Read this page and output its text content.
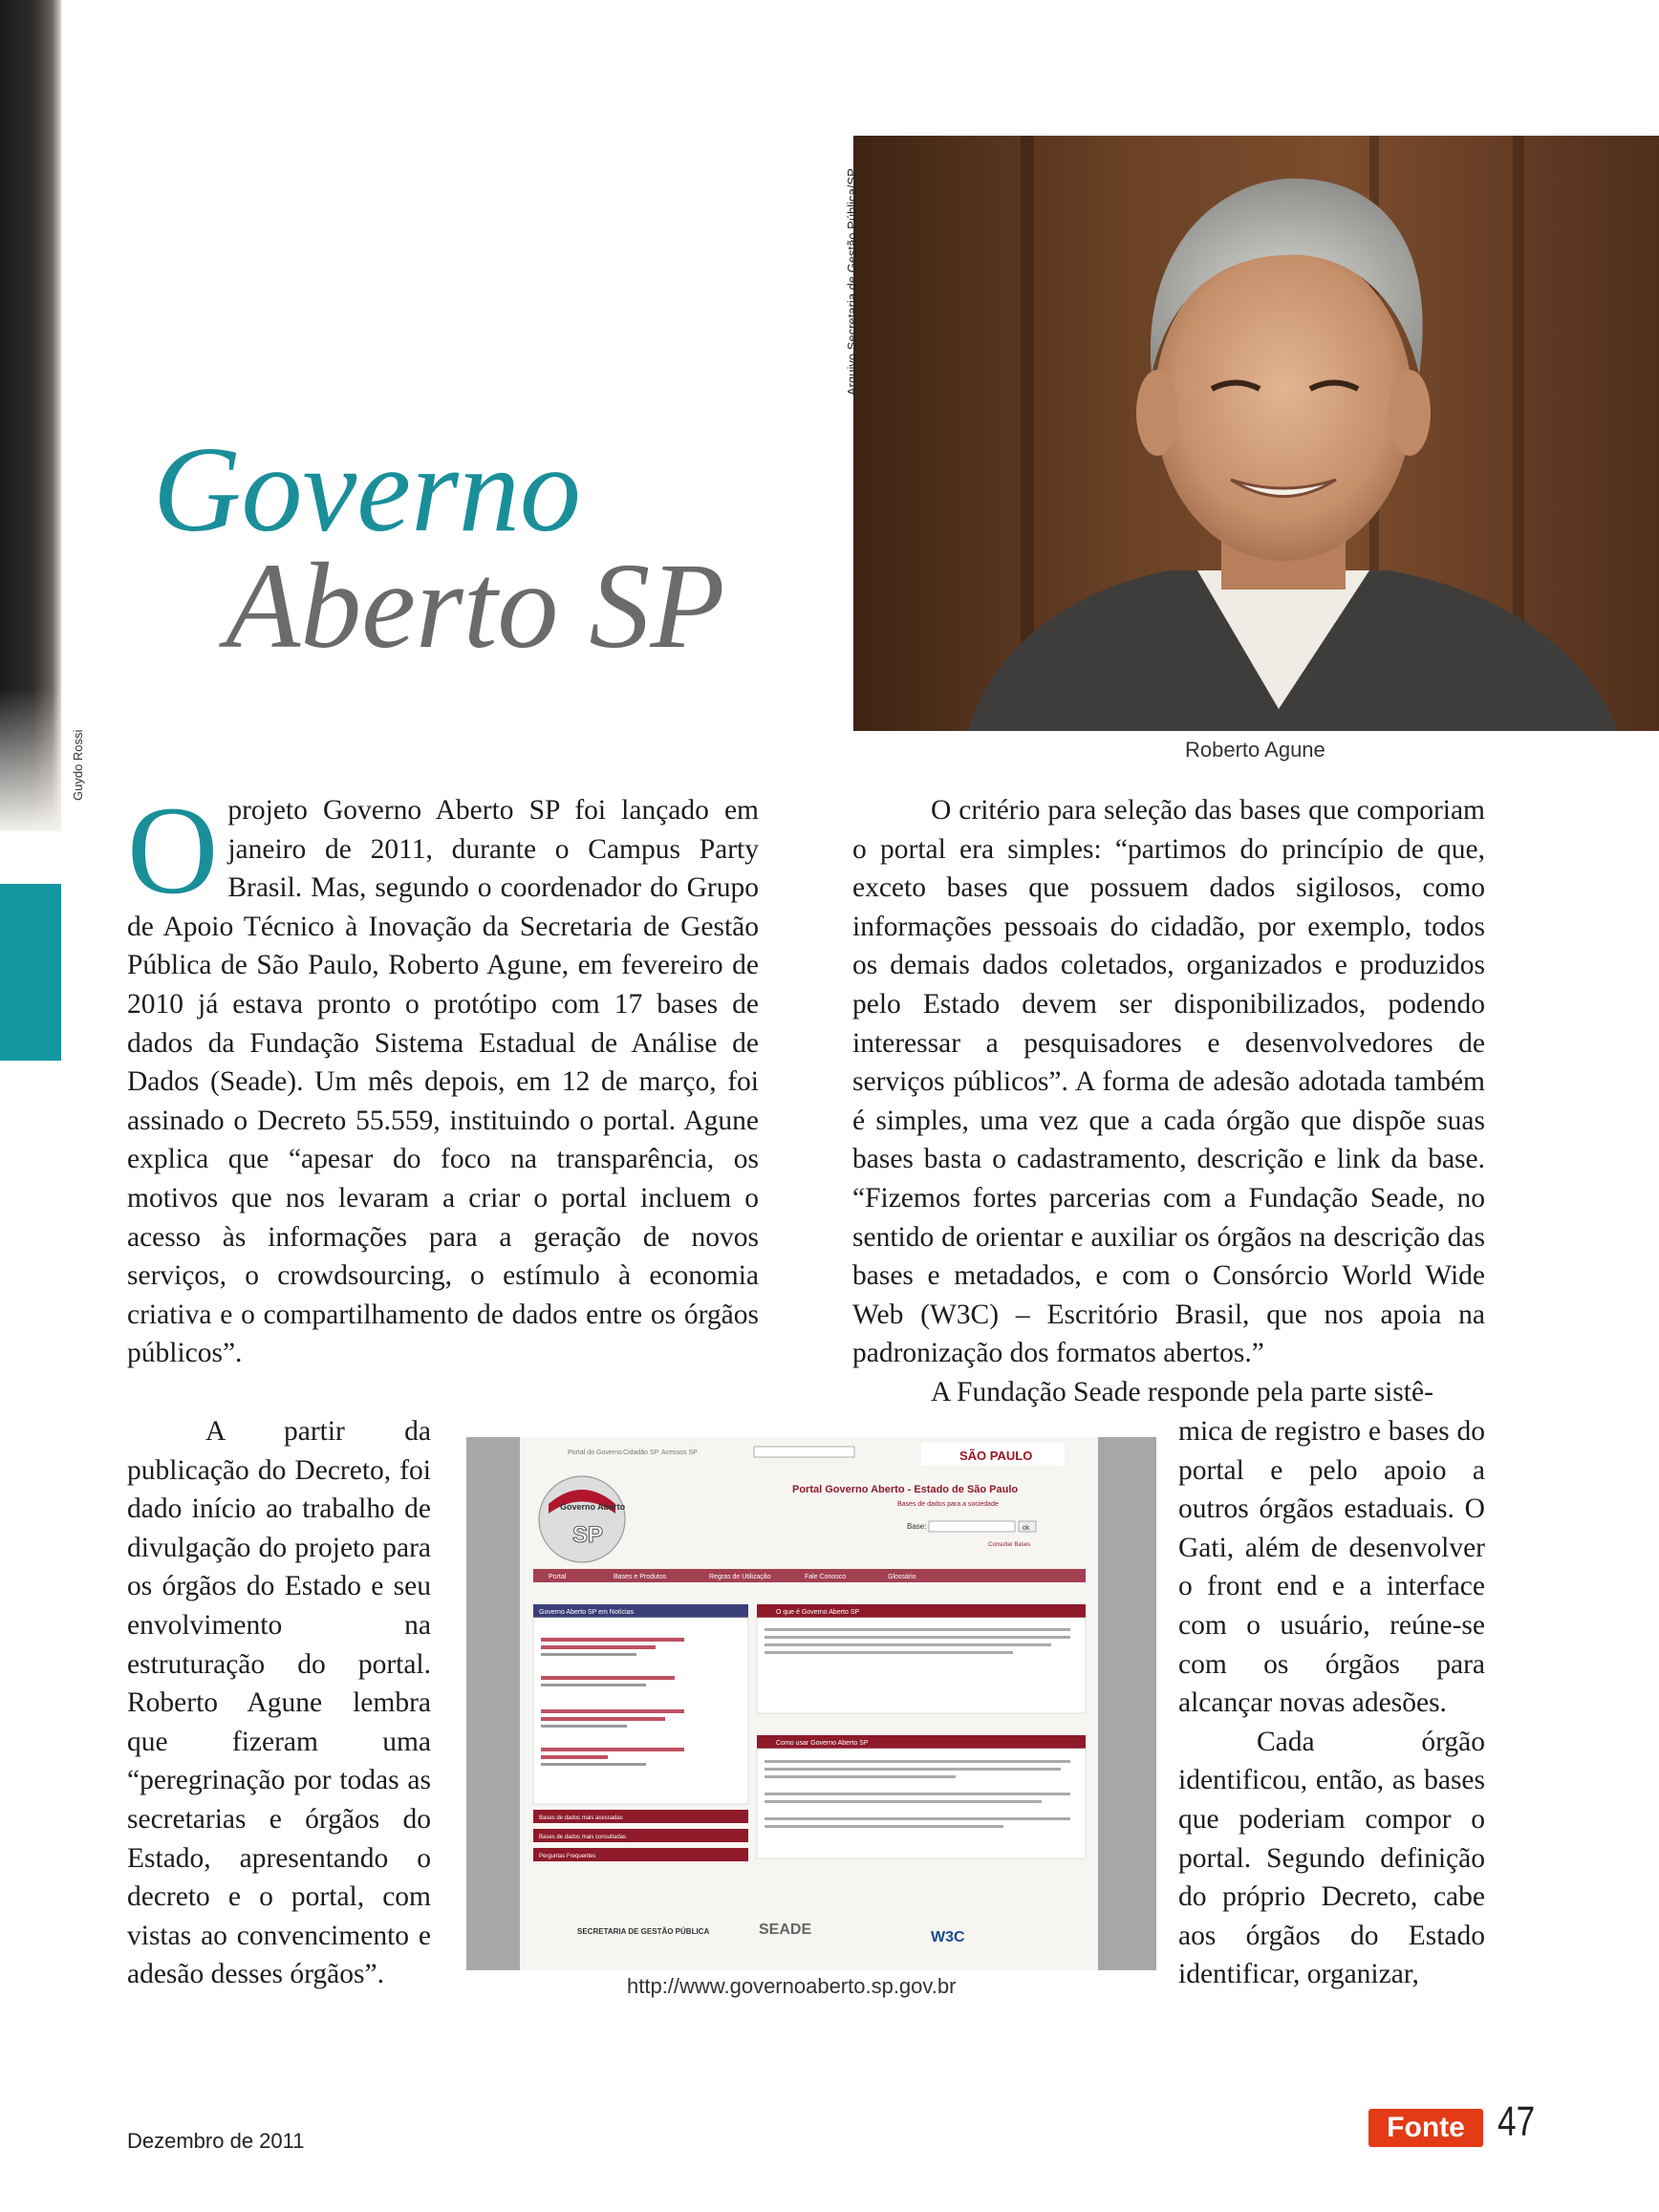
Guydo Rossi
Governo
Aberto SP
Arquivo Secretaria de Gestão Pública/SP
Roberto Agune

O projeto Governo Aberto SP foi lançado em janeiro de 2011, durante o Campus Party Brasil. Mas, segundo o coordenador do Grupo de Apoio Técnico à Inovação da Secretaria de Gestão Pública de São Paulo, Roberto Agune, em fevereiro de 2010 já estava pronto o protótipo com 17 bases de dados da Fundação Sistema Estadual de Análise de Dados (Seade). Um mês depois, em 12 de março, foi assinado o Decreto 55.559, instituindo o portal. Agune explica que “apesar do foco na transparência, os motivos que nos levaram a criar o portal incluem o acesso às informações para a geração de novos serviços, o crowdsourcing, o estímulo à economia criativa e o compartilhamento de dados entre os órgãos públicos”.

A partir da publicação do Decreto, foi dado início ao trabalho de divulgação do projeto para os órgãos do Estado e seu envolvimento na estruturação do portal. Roberto Agune lembra que fizeram uma “peregrinação por todas as secretarias e órgãos do Estado, apresentando o decreto e o portal, com vistas ao convencimento e adesão desses órgãos”.

O critério para seleção das bases que comporiam o portal era simples: “partimos do princípio de que, exceto bases que possuem dados sigilosos, como informações pessoais do cidadão, por exemplo, todos os demais dados coletados, organizados e produzidos pelo Estado devem ser disponibilizados, podendo interessar a pesquisadores e desenvolvedores de serviços públicos”. A forma de adesão adotada também é simples, uma vez que a cada órgão que dispõe suas bases basta o cadastramento, descrição e link da base. “Fizemos fortes parcerias com a Fundação Seade, no sentido de orientar e auxiliar os órgãos na descrição das bases e metadados, e com o Consórcio World Wide Web (W3C) – Escritório Brasil, que nos apoia na padronização dos formatos abertos.”

A Fundação Seade responde pela parte sistê-

mica de registro e bases do portal e pelo apoio a outros órgãos estaduais. O Gati, além de desenvolver o front end e a interface com o usuário, reúne-se com os órgãos para alcançar novas adesões.

Cada órgão identificou, então, as bases que poderiam compor o portal. Segundo definição do próprio Decreto, cabe aos órgãos do Estado identificar, organizar,

Portal do Governo Cidadão SP Acessos SP	SÃO PAULO
Governo Aberto
SP
Portal Governo Aberto - Estado de São Paulo
Bases de dados para a sociedade
Base:	ok
Consultar Bases
Portal	Bases e Produtos	Regras de Utilização	Fale Conosco	Glossário
Governo Aberto SP em Notícias
Bases de dados mais acessadas
Bases de dados mais consultadas
Perguntas Frequentes
O que é Governo Aberto SP
Como usar Governo Aberto SP
SECRETARIA DE GESTÃO PÚBLICA	SEADE	W3C
http://www.governoaberto.sp.gov.br
Dezembro de 2011	Fonte 47
